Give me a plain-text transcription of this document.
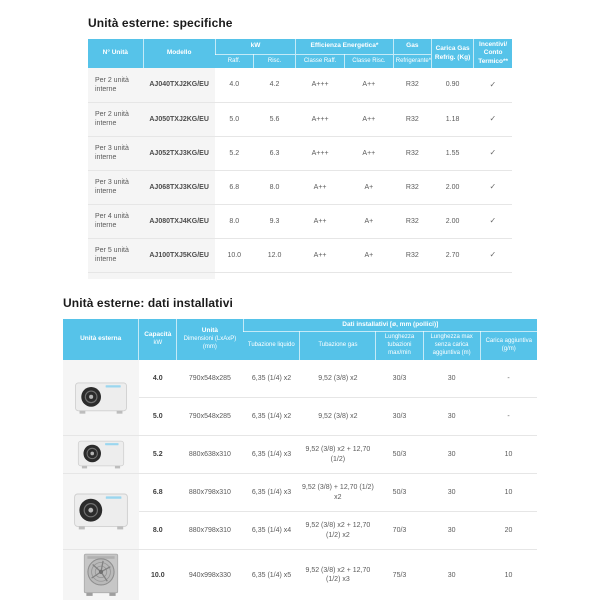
Unità esterne: specifiche
N° Unità	Modello	kW		Efficienza Energetica*		Gas	Carica Gas
Refrig. (Kg)	Incentivi/
Conto Termico**

		Raff.	Risc.	Classe Raff.	Classe Risc.	Refrigerante*		
Per 2 unità interne	AJ040TXJ2KG/EU	4.0	4.2	A+++	A++	R32	0.90	✓
Per 2 unità interne	AJ050TXJ2KG/EU	5.0	5.6	A+++	A++	R32	1.18	✓
Per 3 unità interne	AJ052TXJ3KG/EU	5.2	6.3	A+++	A++	R32	1.55	✓
Per 3 unità interne	AJ068TXJ3KG/EU	6.8	8.0	A++	A+	R32	2.00	✓
Per 4 unità interne	AJ080TXJ4KG/EU	8.0	9.3	A++	A+	R32	2.00	✓
Per 5 unità interne	AJ100TXJ5KG/EU	10.0	12.0	A++	A+	R32	2.70	✓
Unità esterne: dati installativi
Unità esterna	Capacità
kW	Unità
Dimensioni (LxAxP) (mm)	Dati installativi [ø, mm (pollici)]				
			Tubazione liquido	Tubazione gas	Lunghezza tubazioni max/min	Lunghezza max senza carica aggiuntiva (m)	Carica aggiuntiva (g/m)

	4.0	790x548x285	6,35 (1/4) x2	9,52 (3/8) x2	30/3	30	-
	5.0	790x548x285	6,35 (1/4) x2	9,52 (3/8) x2	30/3	30	-

	5.2	880x638x310	6,35 (1/4) x3	9,52 (3/8) x2 + 12,70 (1/2)	50/3	30	10

	6.8	880x798x310	6,35 (1/4) x3	9,52 (3/8) + 12,70 (1/2) x2	50/3	30	10
	8.0	880x798x310	6,35 (1/4) x4	9,52 (3/8) x2 + 12,70 (1/2) x2	70/3	30	20

	10.0	940x998x330	6,35 (1/4) x5	9,52 (3/8) x2 + 12,70 (1/2) x3	75/3	30	10
